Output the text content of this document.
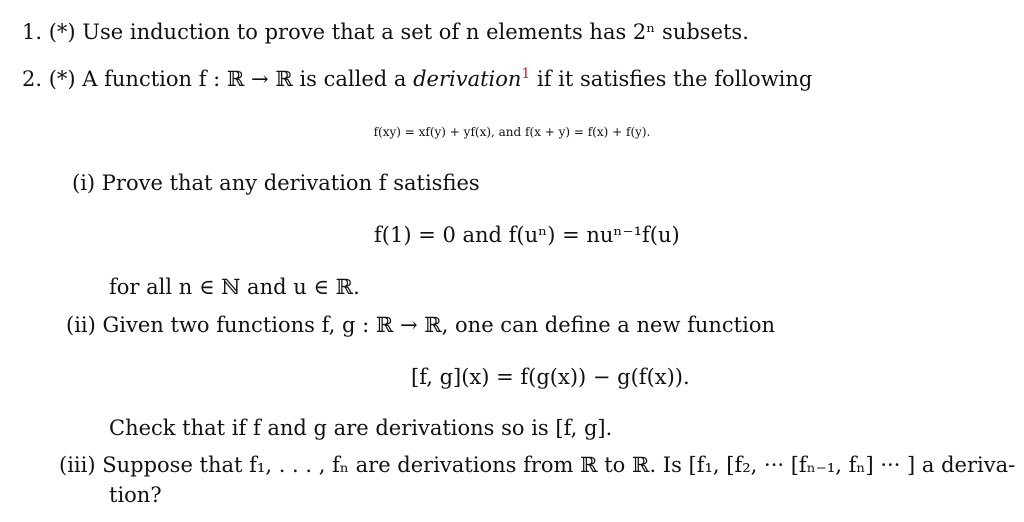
1. (*) Use induction to prove that a set of n elements has 2ⁿ subsets.
2. (*) A function f : ℝ → ℝ is called a derivation$^1$ if it satisfies the following
f(xy) = xf(y) + yf(x), and f(x + y) = f(x) + f(y).
(i) Prove that any derivation f satisfies
f(1) = 0 and f(uⁿ) = nuⁿ⁻¹f(u)
for all n ∈ ℕ and u ∈ ℝ.
(ii) Given two functions f, g : ℝ → ℝ, one can define a new function
[f, g](x) = f(g(x)) − g(f(x)).
Check that if f and g are derivations so is [f, g].
(iii) Suppose that f₁, . . . , fₙ are derivations from ℝ to ℝ. Is [f₁, [f₂, ··· [fₙ₋₁, fₙ] ··· ] a deriva-
tion?
